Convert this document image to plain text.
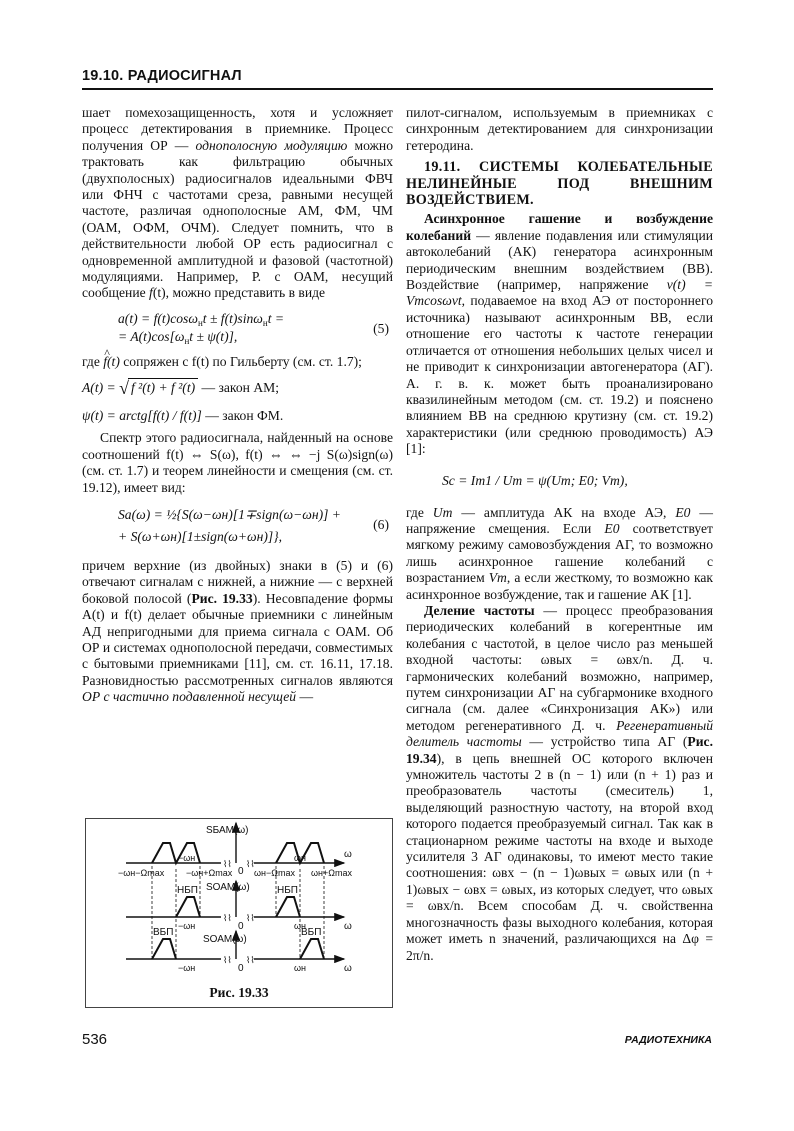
19.10. РАДИОСИГНАЛ

шает помехозащищенность, хотя и усложняет процесс детектирования в приемнике. Процесс получения ОР — однополосную модуляцию можно трактовать как фильтрацию обычных (двухполосных) радиосигналов идеальными ФВЧ или ФНЧ с частотами среза, равными несущей частоте, различая однополосные АМ, ФМ, ЧМ (ОАМ, ОФМ, ОЧМ). Следует помнить, что в действительности любой ОР есть радиосигнал с одновременной амплитудной и фазовой (частотной) модуляциями. Например, Р. с ОАМ, несущий сообщение f(t), можно представить в виде

a(t) = f(t)cosω$_н$t ± f(t)sinω$_н$t =
= $A(t)\cos[\omega_нt \pm \psi(t)]$,
(5)

где ^ f(t) сопряжен с f(t) по Гильберту (см. ст. 1.7);

A(t) = √ f ²(t) + f ²(t) — закон АМ;
ψ(t) = arctg[f(t) / f(t)] — закон ФМ.

Спектр этого радиосигнала, найденный на основе соотношений f(t) ⇔ S(ω), f(t) ⇔ ⇔ −j S(ω)sign(ω) (см. ст. 1.7) и теорем линейности и смещения (см. ст. 19.12), имеет вид:

Sa(ω) = ½{S(ω−ωн)[1∓sign(ω−ωн)] +
+ S(ω+ωн)[1±sign(ω+ωн)]},
(6)

причем верхние (из двойных) знаки в (5) и (6) отвечают сигналам с нижней, а нижние — с верхней боковой полосой (Рис. 19.33). Несовпадение формы A(t) и f(t) делает обычные приемники с линейным АД непригодными для приема сигнала с ОАМ. Об ОР и системах однополосной передачи, совместимых с бытовыми приемниками [11], см. ст. 16.11, 17.18. Разновидностью рассмотренных сигналов являются ОР с частично подавленной несущей —

⌇⌇ ⌇⌇
SБАМ(ω)
−ωн	ωн
0
ω
−ωн−Ωmax −ωн+Ωmax ωн−Ωmax ωн+Ωmax
⌇⌇ ⌇⌇
SОАМ(ω)
НБП	НБП
−ωн	ωн
0	ω
⌇⌇ ⌇⌇
SОАМ(ω)
ВБП	ВБП
−ωн	ωн
0	ω
Рис. 19.33

пилот-сигналом, используемым в приемниках с синхронным детектированием для синхронизации гетеродина.

19.11. СИСТЕМЫ КОЛЕБАТЕЛЬНЫЕ НЕЛИНЕЙНЫЕ ПОД ВНЕШНИМ ВОЗДЕЙСТВИЕМ.

Асинхронное гашение и возбуждение колебаний — явление подавления или стимуляции автоколебаний (АК) генератора асинхронным периодическим внешним воздействием (ВВ). Воздействие (например, напряжение v(t) = Vmcosωvt, подаваемое на вход АЭ от постороннего источника) называют асинхронным ВВ, если отношение его частоты к частоте генерации отличается от отношения небольших целых чисел и не приводит к синхронизации автогенератора (АГ). А. г. в. к. может быть проанализировано квазилинейным методом (см. ст. 19.2) и пояснено влиянием ВВ на среднюю крутизну (см. ст. 19.2) характеристики (или среднюю проводимость) АЭ [1]:

Sc = Im1 / Um = ψ(Um; E0; Vm),

где Um — амплитуда АК на входе АЭ, E0 — напряжение смещения. Если E0 соответствует мягкому режиму самовозбуждения АГ, то возможно лишь асинхронное гашение колебаний с возрастанием Vm, а если жесткому, то возможно как асинхронное возбуждение, так и гашение АК [1].

Деление частоты — процесс преобразования периодических колебаний в когерентные им колебания с частотой, в целое число раз меньшей входной частоты: ωвых = ωвх/n. Д. ч. гармонических колебаний возможно, например, путем синхронизации АГ на субгармонике входного сигнала (см. далее «Синхронизация АК») или методом регенеративного Д. ч. Регенеративный делитель частоты — устройство типа АГ (Рис. 19.34), в цепь внешней ОС которого включен умножитель частоты 2 в (n − 1) или (n + 1) раз и преобразователь частоты (смеситель) 1, выделяющий разностную частоту, на второй вход которого подается преобразуемый сигнал. Так как в стационарном режиме частоты на входе и выходе усилителя 3 АГ одинаковы, то имеют место такие соотношения: ωвх − (n − 1)ωвых = ωвых или (n + 1)ωвых − ωвх = ωвых, из которых следует, что ωвых = ωвх/n. Всем способам Д. ч. свойственна многозначность фазы выходного колебания, которая может иметь n значений, различающихся на Δφ = 2π/n.

536	РАДИОТЕХНИКА
